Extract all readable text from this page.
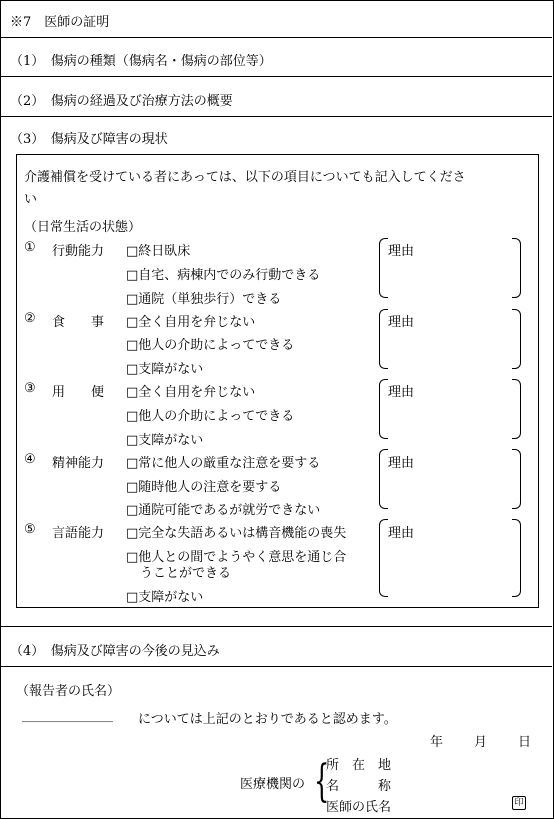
※7　医師の証明
（1）　傷病の種類（傷病名・傷病の部位等）
（2）　傷病の経過及び治療方法の概要
（3）　傷病及び障害の現状
介護補償を受けている者にあっては、以下の項目についても記入してくださ
い
（日常生活の状態）
① 行動能力 □終日臥床
□自宅、病棟内でのみ行動できる
□通院（単独歩行）できる
理由
② 食　　事 □全く自用を弁じない
□他人の介助によってできる
□支障がない
理由
③ 用　　便 □全く自用を弁じない
□他人の介助によってできる
□支障がない
理由
④ 精神能力 □常に他人の厳重な注意を要する
□随時他人の注意を要する
□通院可能であるが就労できない
理由
⑤ 言語能力 □完全な失語あるいは構音機能の喪失
□他人との間でようやく意思を通じ合
うことができる
□支障がない
理由
（4）　傷病及び障害の今後の見込み
（報告者の氏名）
______________ については上記のとおりであると認めます。
年 月 日
医療機関の {
所　在　地
名　　　称
医師の氏名	印
